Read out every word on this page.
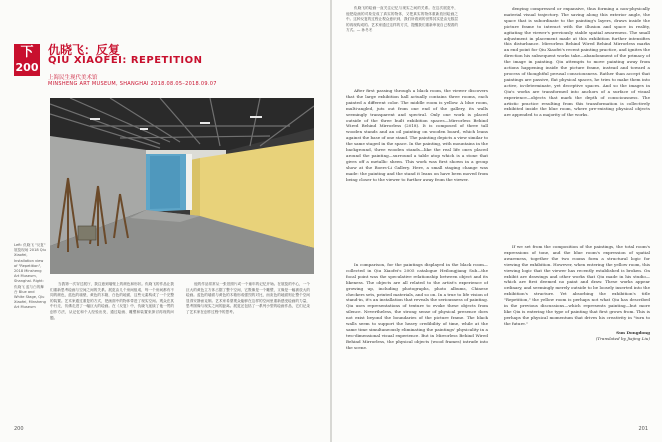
下
200
仇晓飞：反复
QIU XIAOFEI: REPETITION
上海民生现代美术馆
MINSHENG ART MUSEUM, SHANGHAI 2018.08.05–2018.09.07
Left: 仇晓飞 "反复" 展览现场 2018 Qiu Xiaofei, Installation view of "Repetition", 2018 Minsheng Art Museum, Shanghai. Right: 仇晓飞 蓝与白的舞台 Blue and White Stage, Qiu Xiaofei, Minsheng Art Museum

当我第一次穿过展厅，我注意到墙壁上的颜色和形状。仇晓飞的作品让我们重新思考绘画与空间之间的关系。展览由几个房间组成，每一个房间都有不同的颜色，蓝色的墙壁，黄色的木箱，白色的地面，这些元素构成了一个完整的装置。艺术家通过重复的方式，把画面中的物体带进了现实空间。观众在其中行走，仿佛走进了一幅巨大的绘画。在《反复》中，仇晓飞延续了他一贯的创作方法，从记忆和个人经验出发，通过绘画、雕塑和装置来探讨再现的问题。

他的作品常常从一张旧照片或一个童年的记忆开始。在展览的中心，一个巨大的黄色立方体占据了整个空间，它既像是一个雕塑，又像是一幅被放大的绘画。蓝色的墙面与黄色的木箱形成强烈的对比，而灰色的地面则让整个空间显得安静而克制。艺术家希望观众能够在这样的空间里重新感受绘画的力量，思考图像与现实之间的距离。展览还包括了一系列小型的绘画作品，它们记录了艺术家在创作过程中的思考。

200

仇晓飞的绘画一直关注记忆与现实之间的关系。在这次展览中，他把绘画的对象变成了真实的物体，又把真实的物体重新放回绘画之中。这种反复的过程让观众意识到，我们所看到的世界其实是由无数层的再现构成的。艺术家通过这样的方式，提醒我们重新审视自己观看的方式。— 孙冬冬

After first passing through a black room, the viewer discovers that the large exhibition hall actually contains three rooms, each painted a different color. The middle room is yellow. A blue room, multi-angled, juts out from one end of the gallery, its walls seemingly transparent and spectral. Only one work is placed outside of the three built exhibition spaces—Mirrorless Behind Wired Behind Mirrorless (2018). It is composed of three tall wooden stands and an oil painting on wooden board, which leans against the base of one stand. The painting depicts a view similar to the same staged in the space. In the painting, with mountains in the background, three wooden stands—like the real life ones placed around the painting—surround a table atop which is a stone that gives off a metallic sheen. This work was first shown in a group show at the Boers-Li Gallery. Here, a small staging change was made: the painting and the stand it leans on have been moved from being closer to the viewer to further away from the viewer.

In comparison, for the paintings displayed in the black room—collected in Qiu Xiaofei's 2005 catalogue Heilongjiang Sub—the focal point was the speculative relationship between object and its likeness. The objects are all related to the artist's experience of growing up, including photographs, photo albums, Chinese checkers sets, printed materials, and so on. In a true to life vision of stand-in, it's an installation that reveals the seriousness of painting. Qiu uses representations of texture to evoke these objects from silence. Nevertheless, the strong sense of physical presence does not exist beyond the boundaries of the picture frame. The black walls seem to support the heavy credibility of time, while at the same time simultaneously eliminating the paintings' physicality in a two-dimensional visual experience. But in Mirrorless Behind Wired Behind Mirrorless, the physical objects (wood frames) intrude into the scene.

denying compressed or expansive, thus forming a non-physically material visual trajectory. The saving along this exterior angle, the space that is subordinate to the painting's layers, draws inside the picture frame to interact with the illusion and space in reality, agitating the viewer's previously stable spatial awareness. The small adjustment in placement made at this exhibition further intensifies this disturbance. Mirrorless Behind Wired Behind Mirrorless marks an end point for Qiu Xiaofei's recent painting practice, and ignites the direction his subsequent works take—abandonment of the primacy of the image in painting. Qiu attempts to move painting away from actions happening inside the picture frame, instead and toward a process of thoughtful perusal consciousness. Rather than accept that paintings are passive, flat physical spaces, he tries to make them into active, in-determinate, yet deceptive spaces. And so the images in Qiu's works are transformed into anchors of a surface of visual experience—objects that mark the depth of consciousness. The artistic practice resulting from this transformation is collectively exhibited inside the blue room, where pre-existing physical objects are appended to a majority of the works.

If we set from the composition of the paintings, the total room's expressions of tone, and the blue room's expression of spatial awareness, together the two rooms form a structural logic for viewing the exhibition. However, when entering the yellow room, this viewing logic that the viewer has recently established is broken. On exhibit are drawings and other works that Qiu made in his studio—which are first deemed no paint and draw. These works appear ordinary, and seemingly merely outside to be loosely inserted into the exhibition's structure. Yet absorbing the exhibition's title "Repetition," the yellow room is perhaps not what Qiu has described in the previous discussions—which represents painting—but more like Qiu is entering the type of painting that first grows from. This is perhaps the physical momentum that drives his creativity in "turn to the future."

Sun Dongdong
(Translated by Jiajing Liu)
201
